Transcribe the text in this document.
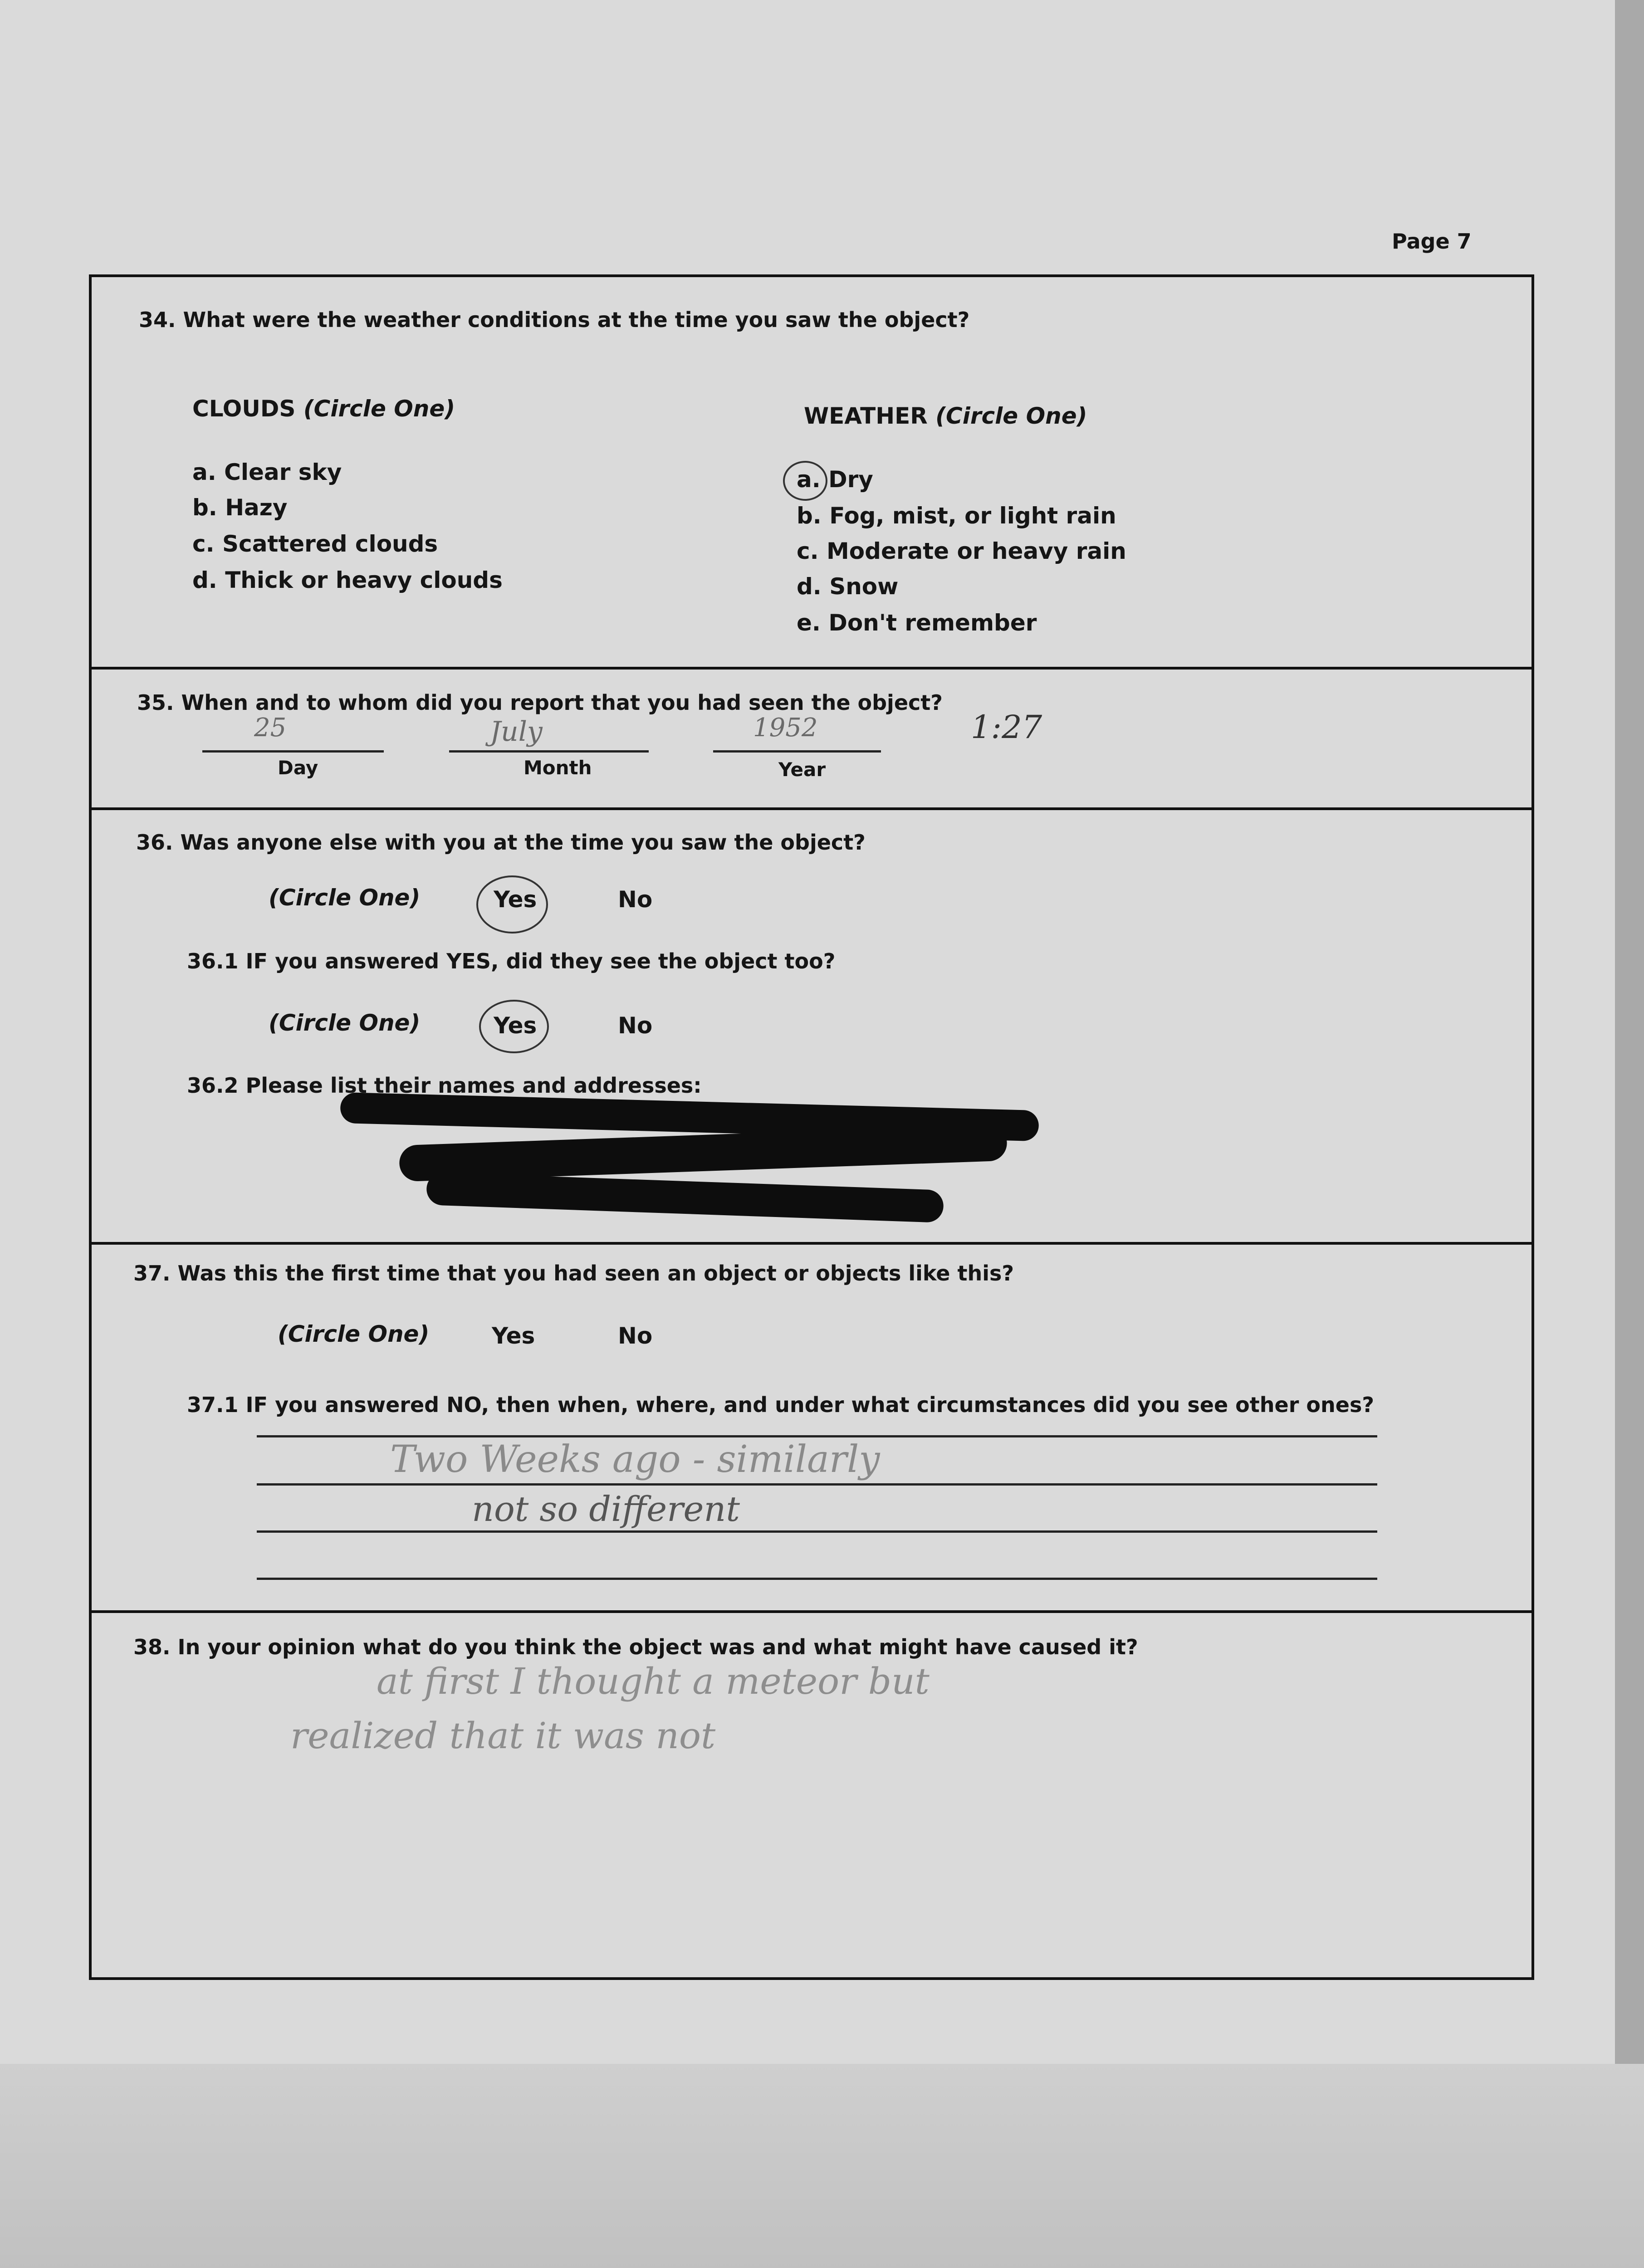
Page 7
34. What were the weather conditions at the time you saw the object?
CLOUDS (Circle One)	WEATHER (Circle One)
a. Clear sky
b. Hazy
c. Scattered clouds
d. Thick or heavy clouds
a. Dry
b. Fog, mist, or light rain
c. Moderate or heavy rain
d. Snow
e. Don't remember
35. When and to whom did you report that you had seen the object?
25	July	1952	1:27
Day	Month	Year
36. Was anyone else with you at the time you saw the object?
(Circle One)	Yes	No
36.1 IF you answered YES, did they see the object too?
(Circle One)	Yes	No
36.2 Please list their names and addresses:
37. Was this the first time that you had seen an object or objects like this?
(Circle One)	Yes	No
37.1 IF you answered NO, then when, where, and under what circumstances did you see other ones?
Two Weeks ago - similarly
not so different
38. In your opinion what do you think the object was and what might have caused it?
at first I thought a meteor but
realized that it was not
